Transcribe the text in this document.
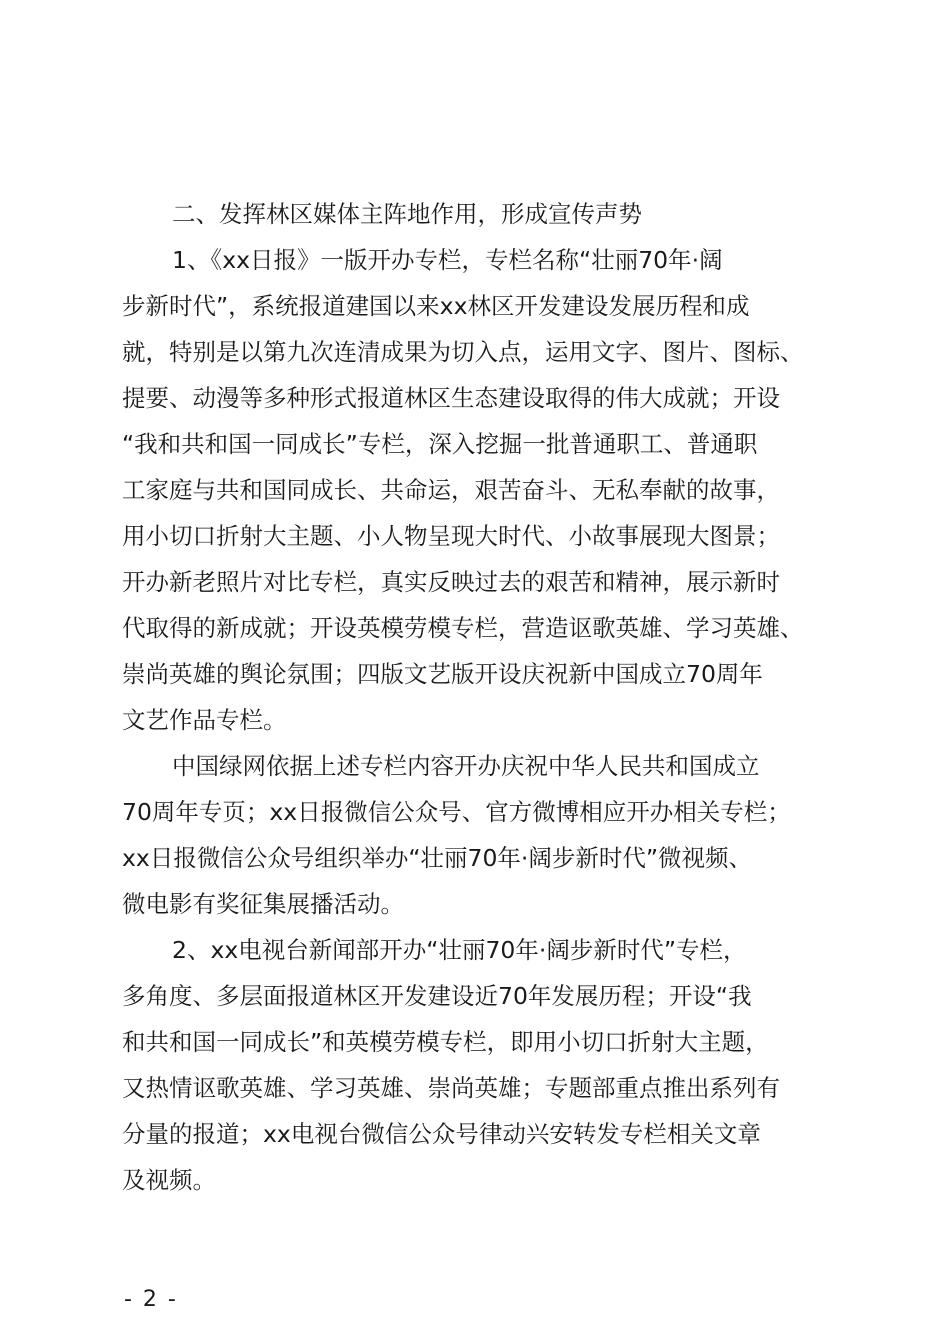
二、发挥林区媒体主阵地作用，形成宣传声势
1、《xx日报》一版开办专栏，专栏名称“壮丽70年·阔
步新时代”，系统报道建国以来xx林区开发建设发展历程和成
就，特别是以第九次连清成果为切入点，运用文字、图片、图标、
提要、动漫等多种形式报道林区生态建设取得的伟大成就；开设
“我和共和国一同成长”专栏，深入挖掘一批普通职工、普通职
工家庭与共和国同成长、共命运，艰苦奋斗、无私奉献的故事，
用小切口折射大主题、小人物呈现大时代、小故事展现大图景；
开办新老照片对比专栏，真实反映过去的艰苦和精神，展示新时
代取得的新成就；开设英模劳模专栏，营造讴歌英雄、学习英雄、
崇尚英雄的舆论氛围；四版文艺版开设庆祝新中国成立70周年
文艺作品专栏。
中国绿网依据上述专栏内容开办庆祝中华人民共和国成立
70周年专页；xx日报微信公众号、官方微博相应开办相关专栏；
xx日报微信公众号组织举办“壮丽70年·阔步新时代”微视频、
微电影有奖征集展播活动。
2、xx电视台新闻部开办“壮丽70年·阔步新时代”专栏，
多角度、多层面报道林区开发建设近70年发展历程；开设“我
和共和国一同成长”和英模劳模专栏，即用小切口折射大主题，
又热情讴歌英雄、学习英雄、崇尚英雄；专题部重点推出系列有
分量的报道；xx电视台微信公众号律动兴安转发专栏相关文章
及视频。
- 2 -
